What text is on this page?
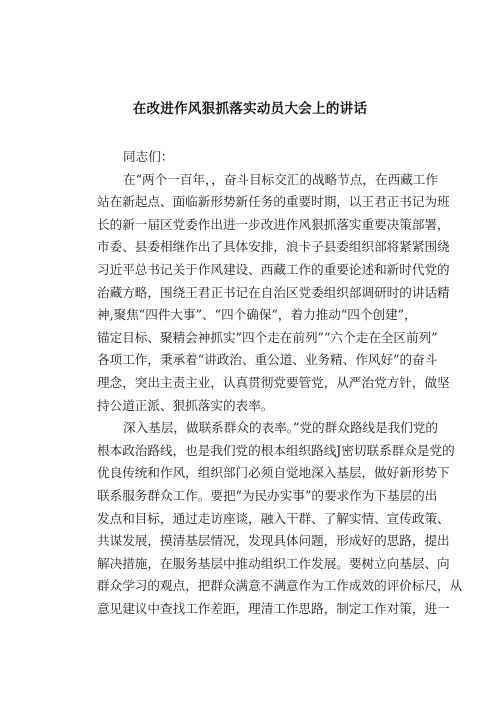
在改进作风狠抓落实动员大会上的讲话
同志们：
在“两个一百年，，奋斗目标交汇的战略节点，在西藏工作
站在新起点、面临新形势新任务的重要时期，以王君正书记为班
长的新一届区党委作出进一步改进作风狠抓落实重要决策部署，
市委、县委相继作出了具体安排，浪卡子县委组织部将紧紧围绕
习近平总书记关于作风建设、西藏工作的重要论述和新时代党的
治藏方略，围绕王君正书记在自治区党委组织部调研时的讲话精
神,聚焦“四件大事”、“四个确保”，着力推动“四个创建”，
锚定目标、聚精会神抓实”四个走在前列”“六个走在全区前列”
各项工作，秉承着“讲政治、重公道、业务精、作风好”的奋斗
理念，突出主责主业，认真贯彻党要管党，从严治党方针，做坚
持公道正派、狠抓落实的表率。
深入基层，做联系群众的表率。”党的群众路线是我们党的
根本政治路线，也是我们党的根本组织路线J密切联系群众是党的
优良传统和作风，组织部门必须自觉地深入基层，做好新形势下
联系服务群众工作。要把“为民办实事”的要求作为下基层的出
发点和目标，通过走访座谈，融入干群、了解实情、宣传政策、
共谋发展，摸清基层情况，发现具体问题，形成好的思路，提出
解决措施，在服务基层中推动组织工作发展。要树立向基层、向
群众学习的观点，把群众满意不满意作为工作成效的评价标尺，从
意见建议中查找工作差距，理清工作思路，制定工作对策，进一
